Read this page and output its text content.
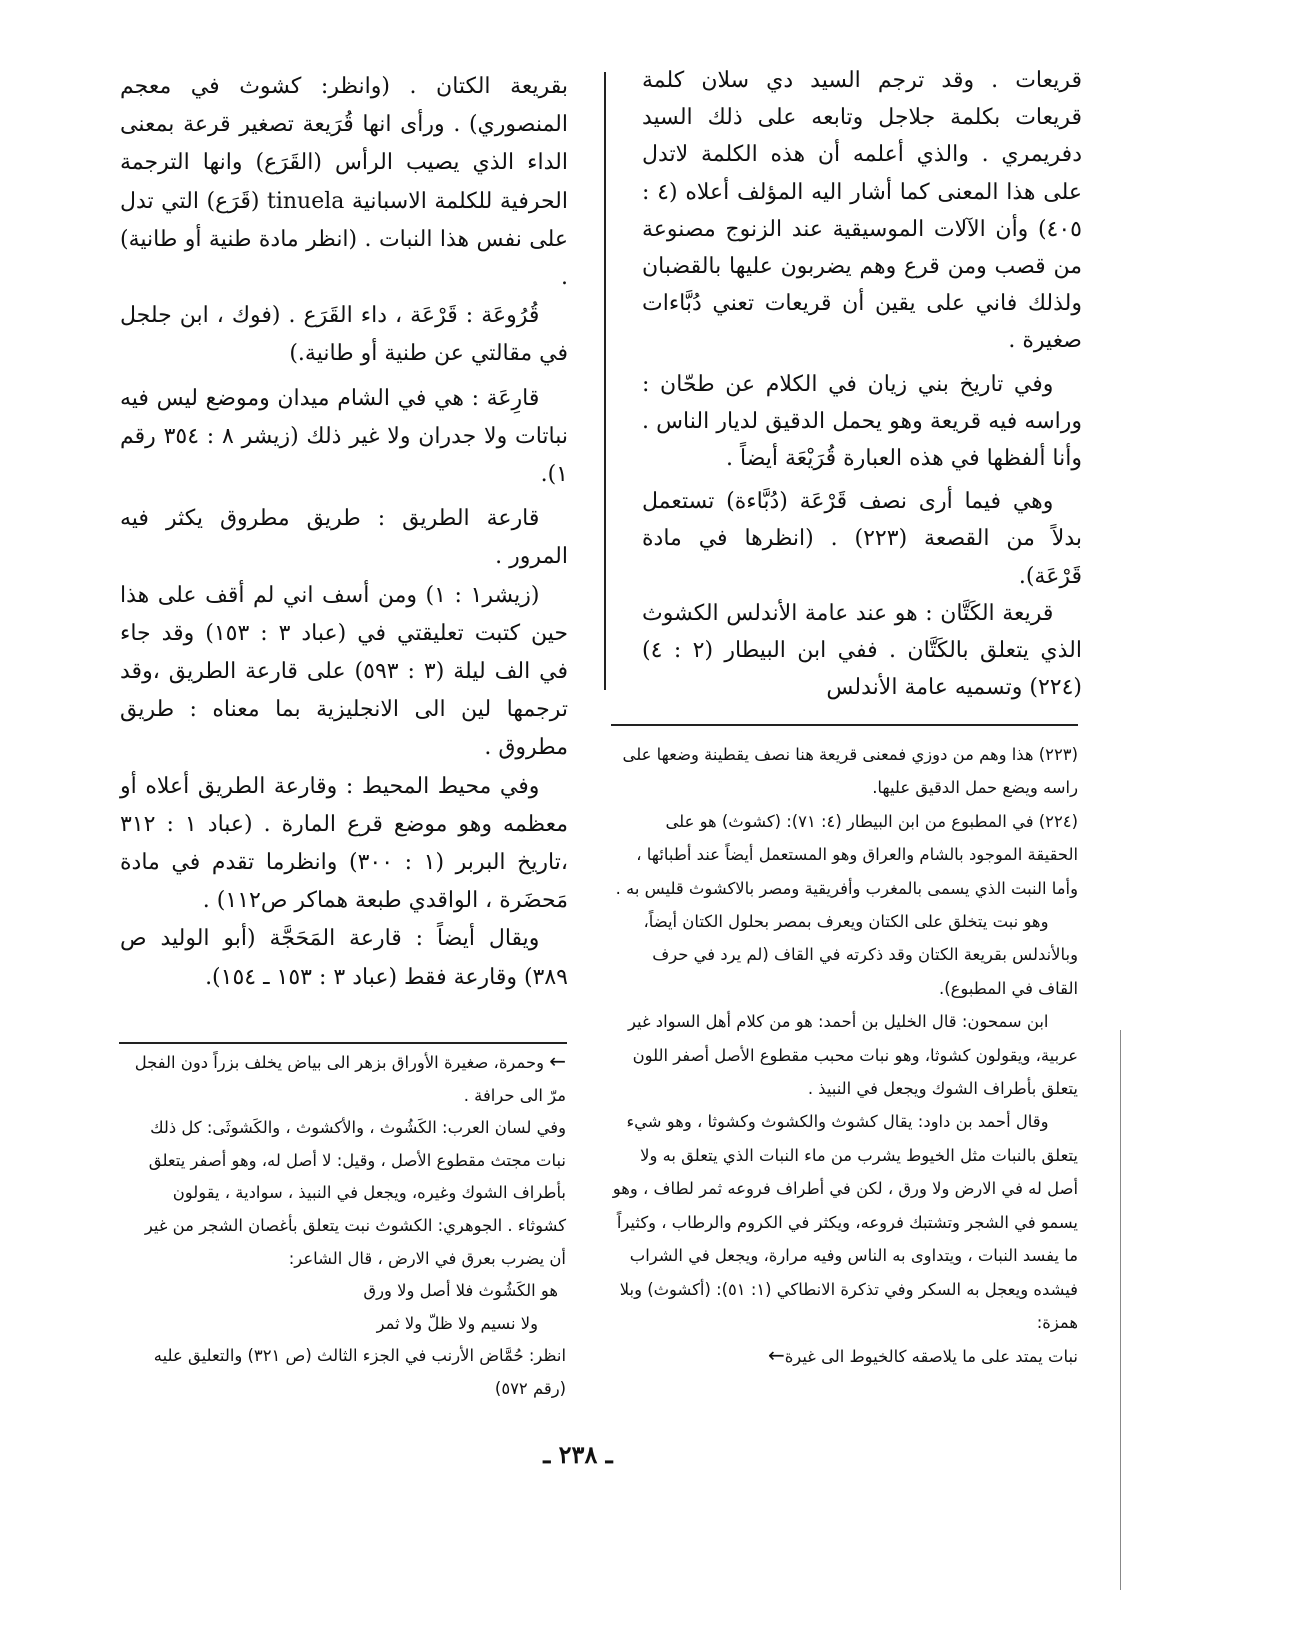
قريعات . وقد ترجم السيد دي سلان كلمة قريعات بكلمة جلاجل وتابعه على ذلك السيد دفريمري . والذي أعلمه أن هذه الكلمة لاتدل على هذا المعنى كما أشار اليه المؤلف أعلاه (٤ : ٤٠٥) وأن الآلات الموسيقية عند الزنوج مصنوعة من قصب ومن قرع وهم يضربون عليها بالقضبان ولذلك فاني على يقين أن قريعات تعني دُبَّاءات صغيرة .

وفي تاريخ بني زيان في الكلام عن طحّان : وراسه فيه قريعة وهو يحمل الدقيق لديار الناس . وأنا ألفظها في هذه العبارة قُرَيْعَة أيضاً .

وهي فيما أرى نصف قَرْعَة (دُبَّاءة) تستعمل بدلاً من القصعة (٢٢٣) . (انظرها في مادة قَرْعَة).

قريعة الكَتَّان : هو عند عامة الأندلس الكشوث الذي يتعلق بالكَتَّان . ففي ابن البيطار (٢ : ٤)(٢٢٤) وتسميه عامة الأندلس

بقريعة الكتان . (وانظر: كشوث في معجم المنصوري) . ورأى انها قُرَيعة تصغير قرعة بمعنى الداء الذي يصيب الرأس (القَرَع) وانها الترجمة الحرفية للكلمة الاسبانية tinuela (قَرَع) التي تدل على نفس هذا النبات . (انظر مادة طنية أو طانية) .

قُرُوعَة : قَرْعَة ، داء القَرَع . (فوك ، ابن جلجل في مقالتي عن طنية أو طانية.)

قارِعَة : هي في الشام ميدان وموضع ليس فيه نباتات ولا جدران ولا غير ذلك (زيشر ٨ : ٣٥٤ رقم ١).

قارعة الطريق : طريق مطروق يكثر فيه المرور .

(زيشر١ : ١) ومن أسف اني لم أقف على هذا حين كتبت تعليقتي في (عباد ٣ : ١٥٣) وقد جاء في الف ليلة (٣ : ٥٩٣) على قارعة الطريق ،وقد ترجمها لين الى الانجليزية بما معناه : طريق مطروق .

وفي محيط المحيط : وقارعة الطريق أعلاه أو معظمه وهو موضع قرع المارة . (عباد ١ : ٣١٢ ،تاريخ البربر (١ : ٣٠٠) وانظرما تقدم في مادة مَحضَرة ، الواقدي طبعة هماكر ص١١٢) .

ويقال أيضاً : قارعة المَحَجَّة (أبو الوليد ص ٣٨٩) وقارعة فقط (عباد ٣ : ١٥٣ ـ ١٥٤).

(٢٢٣) هذا وهم من دوزي فمعنى قريعة هنا نصف يقطينة وضعها على راسه ويضع حمل الدقيق عليها.

(٢٢٤) في المطبوع من ابن البيطار (٤: ٧١): (كشوث) هو على الحقيقة الموجود بالشام والعراق وهو المستعمل أيضاً عند أطبائها ، وأما النبت الذي يسمى بالمغرب وأفريقية ومصر بالاكشوث قليس به .

وهو نبت يتخلق على الكتان ويعرف بمصر بحلول الكتان أيضاً، وبالأندلس بقريعة الكتان وقد ذكرته في القاف (لم يرد في حرف القاف في المطبوع).

ابن سمحون: قال الخليل بن أحمد: هو من كلام أهل السواد غير عربية، ويقولون كشوثا، وهو نبات محبب مقطوع الأصل أصفر اللون يتعلق بأطراف الشوك ويجعل في النبيذ .

وقال أحمد بن داود: يقال كشوث والكشوث وكشوثا ، وهو شيء يتعلق بالنبات مثل الخيوط يشرب من ماء النبات الذي يتعلق به ولا أصل له في الارض ولا ورق ، لكن في أطراف فروعه ثمر لطاف ، وهو يسمو في الشجر وتشتبك فروعه، ويكثر في الكروم والرطاب ، وكثيراً ما يفسد النبات ، ويتداوى به الناس وفيه مرارة، ويجعل في الشراب فيشده ويعجل به السكر وفي تذكرة الانطاكي (١: ٥١): (أكشوث) وبلا همزة:

نبات يمتد على ما يلاصقه كالخيوط الى غيرة←

← وحمرة، صغيرة الأوراق بزهر الى بياض يخلف بزراً دون الفجل مرّ الى حرافة .

وفي لسان العرب: الكَشُوث ، والأكشوث ، والكَشوثَى: كل ذلك نبات مجتث مقطوع الأصل ، وقيل: لا أصل له، وهو أصفر يتعلق بأطراف الشوك وغيره، ويجعل في النبيذ ، سوادية ، يقولون كشوثاء . الجوهري: الكشوث نبت يتعلق بأغصان الشجر من غير أن يضرب بعرق في الارض ، قال الشاعر:

هو الكَشُوث فلا أصل ولا ورق

ولا نسيم ولا ظلّ ولا ثمر

انظر: حُمَّاض الأرنب في الجزء الثالث (ص ٣٢١) والتعليق عليه (رقم ٥٧٢)

ـ ٢٣٨ ـ
